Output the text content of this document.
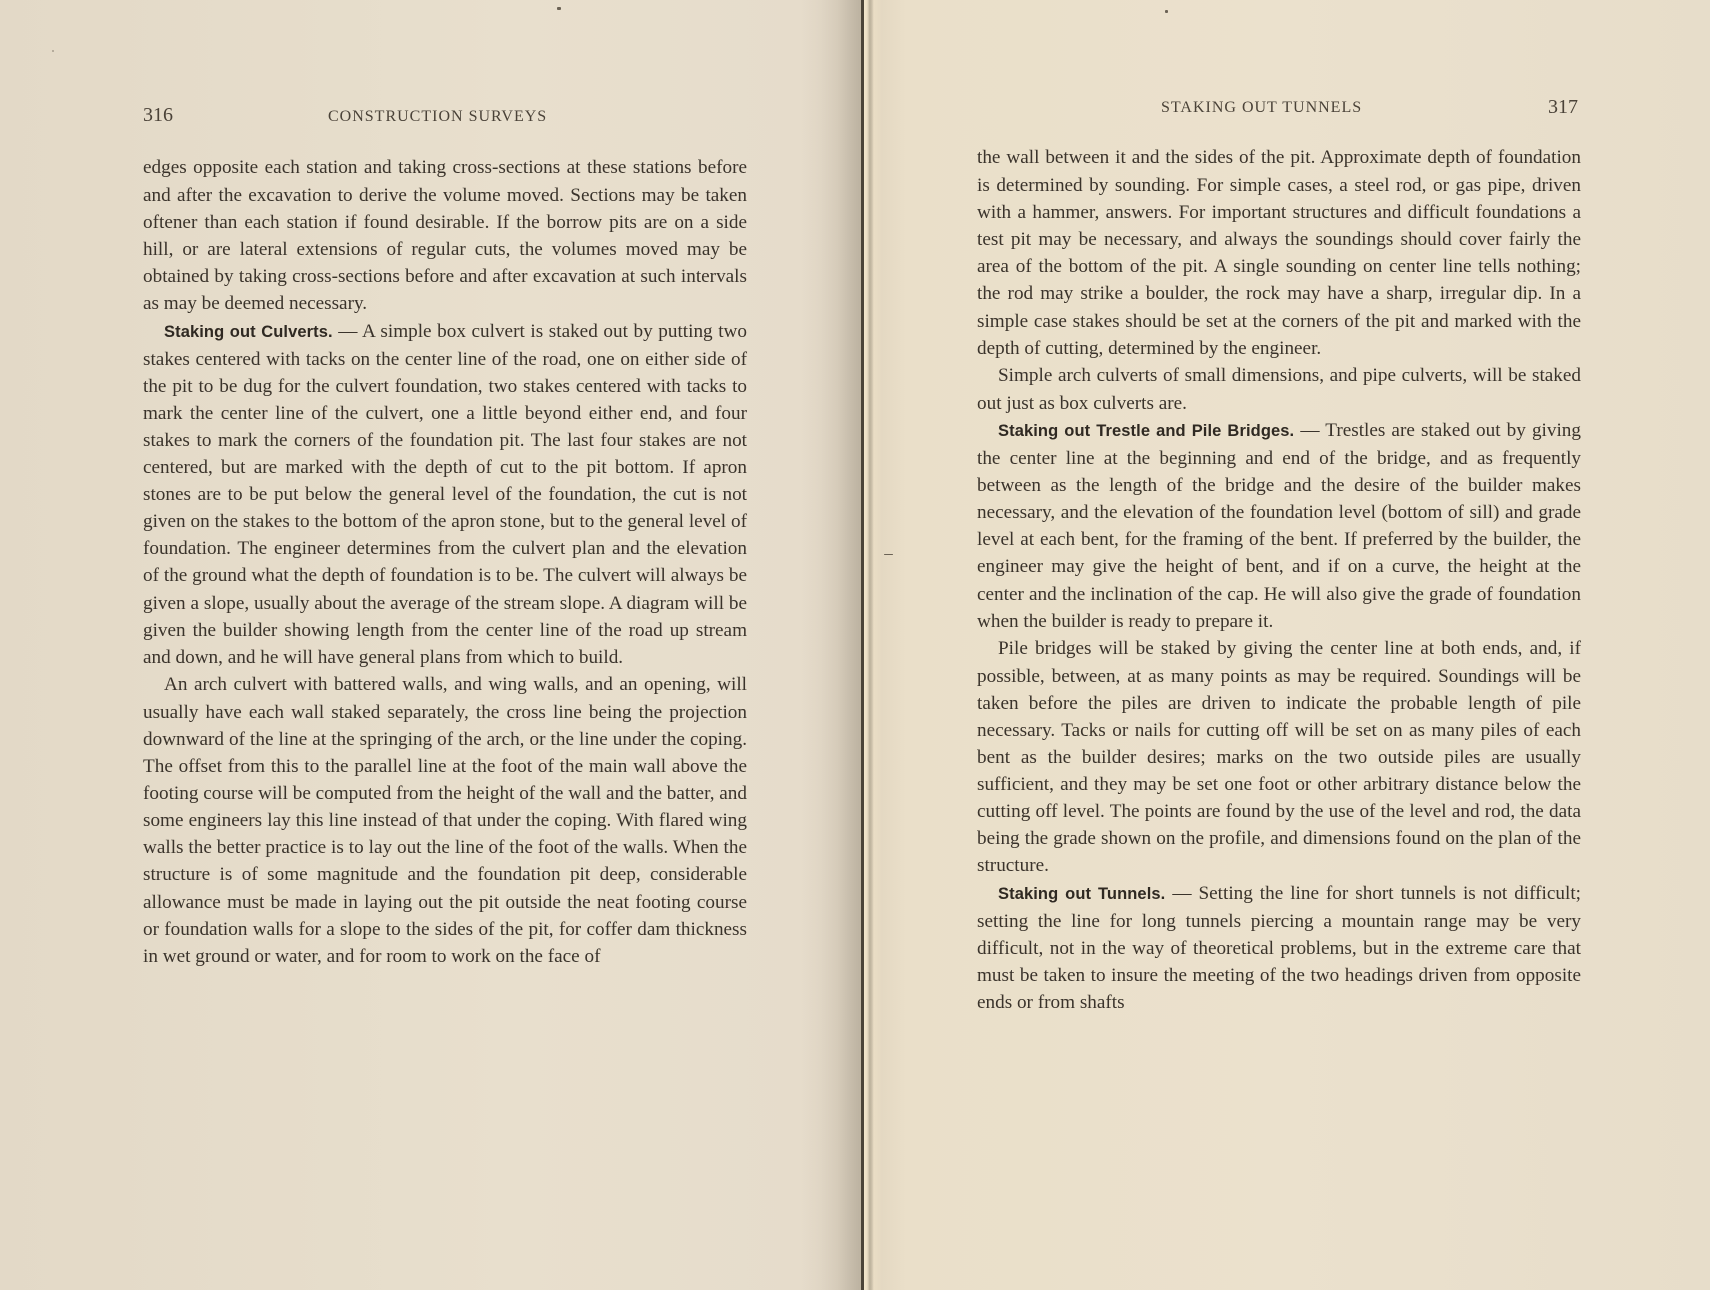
316	CONSTRUCTION SURVEYS

edges opposite each station and taking cross-sections at these stations before and after the excavation to derive the volume moved. Sections may be taken oftener than each station if found desirable. If the borrow pits are on a side hill, or are lateral extensions of regular cuts, the volumes moved may be obtained by taking cross-sections before and after excavation at such intervals as may be deemed necessary.

Staking out Culverts. — A simple box culvert is staked out by putting two stakes centered with tacks on the center line of the road, one on either side of the pit to be dug for the culvert foundation, two stakes centered with tacks to mark the center line of the culvert, one a little beyond either end, and four stakes to mark the corners of the foundation pit. The last four stakes are not centered, but are marked with the depth of cut to the pit bottom. If apron stones are to be put below the general level of the foundation, the cut is not given on the stakes to the bottom of the apron stone, but to the general level of foundation. The engineer determines from the culvert plan and the elevation of the ground what the depth of foundation is to be. The culvert will always be given a slope, usually about the average of the stream slope. A diagram will be given the builder showing length from the center line of the road up stream and down, and he will have general plans from which to build.

An arch culvert with battered walls, and wing walls, and an opening, will usually have each wall staked separately, the cross line being the projection downward of the line at the springing of the arch, or the line under the coping. The offset from this to the parallel line at the foot of the main wall above the footing course will be computed from the height of the wall and the batter, and some engineers lay this line instead of that under the coping. With flared wing walls the better practice is to lay out the line of the foot of the walls. When the structure is of some magnitude and the foundation pit deep, considerable allowance must be made in laying out the pit outside the neat footing course or foundation walls for a slope to the sides of the pit, for coffer dam thickness in wet ground or water, and for room to work on the face of

STAKING OUT TUNNELS	317

the wall between it and the sides of the pit. Approximate depth of foundation is determined by sounding. For simple cases, a steel rod, or gas pipe, driven with a hammer, answers. For important structures and difficult foundations a test pit may be necessary, and always the soundings should cover fairly the area of the bottom of the pit. A single sounding on center line tells nothing; the rod may strike a boulder, the rock may have a sharp, irregular dip. In a simple case stakes should be set at the corners of the pit and marked with the depth of cutting, determined by the engineer.

Simple arch culverts of small dimensions, and pipe culverts, will be staked out just as box culverts are.

Staking out Trestle and Pile Bridges. — Trestles are staked out by giving the center line at the beginning and end of the bridge, and as frequently between as the length of the bridge and the desire of the builder makes necessary, and the elevation of the foundation level (bottom of sill) and grade level at each bent, for the framing of the bent. If preferred by the builder, the engineer may give the height of bent, and if on a curve, the height at the center and the inclination of the cap. He will also give the grade of foundation when the builder is ready to prepare it.

Pile bridges will be staked by giving the center line at both ends, and, if possible, between, at as many points as may be required. Soundings will be taken before the piles are driven to indicate the probable length of pile necessary. Tacks or nails for cutting off will be set on as many piles of each bent as the builder desires; marks on the two outside piles are usually sufficient, and they may be set one foot or other arbitrary distance below the cutting off level. The points are found by the use of the level and rod, the data being the grade shown on the profile, and dimensions found on the plan of the structure.

Staking out Tunnels. — Setting the line for short tunnels is not difficult; setting the line for long tunnels piercing a mountain range may be very difficult, not in the way of theoretical problems, but in the extreme care that must be taken to insure the meeting of the two headings driven from opposite ends or from shafts
